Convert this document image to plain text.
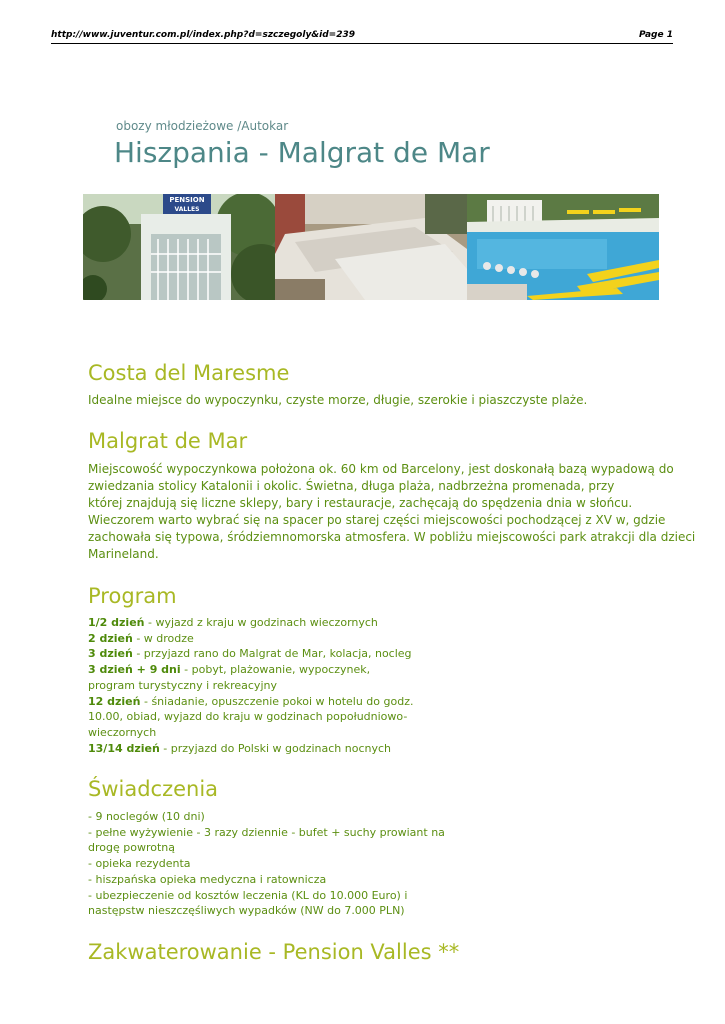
http://www.juventur.com.pl/index.php?d=szczegoly&id=239	Page 1
obozy młodzieżowe /Autokar
Hiszpania - Malgrat de Mar
PENSION
VALLES
Costa del Maresme

Idealne miejsce do wypoczynku, czyste morze, długie, szerokie i piaszczyste plaże.

Malgrat de Mar
Miejscowość wypoczynkowa położona ok. 60 km od Barcelony, jest doskonałą bazą wypadową do
zwiedzania stolicy Katalonii i okolic. Świetna, długa plaża, nadbrzeżna promenada, przy
której znajdują się liczne sklepy, bary i restauracje, zachęcają do spędzenia dnia w słońcu.
Wieczorem warto wybrać się na spacer po starej części miejscowości pochodzącej z XV w, gdzie
zachowała się typowa, śródziemnomorska atmosfera. W pobliżu miejscowości park atrakcji dla dzieci
Marineland.
Program
1/2 dzień - wyjazd z kraju w godzinach wieczornych
2 dzień - w drodze
3 dzień - przyjazd rano do Malgrat de Mar, kolacja, nocleg
3 dzień + 9 dni - pobyt, plażowanie, wypoczynek,
program turystyczny i rekreacyjny
12 dzień - śniadanie, opuszczenie pokoi w hotelu do godz.
10.00, obiad, wyjazd do kraju w godzinach popołudniowo-
wieczornych
13/14 dzień - przyjazd do Polski w godzinach nocnych
Świadczenia
- 9 noclegów (10 dni)
- pełne wyżywienie - 3 razy dziennie - bufet + suchy prowiant na
drogę powrotną
- opieka rezydenta
- hiszpańska opieka medyczna i ratownicza
- ubezpieczenie od kosztów leczenia (KL do 10.000 Euro) i
następstw nieszczęśliwych wypadków (NW do 7.000 PLN)
Zakwaterowanie - Pension Valles **
